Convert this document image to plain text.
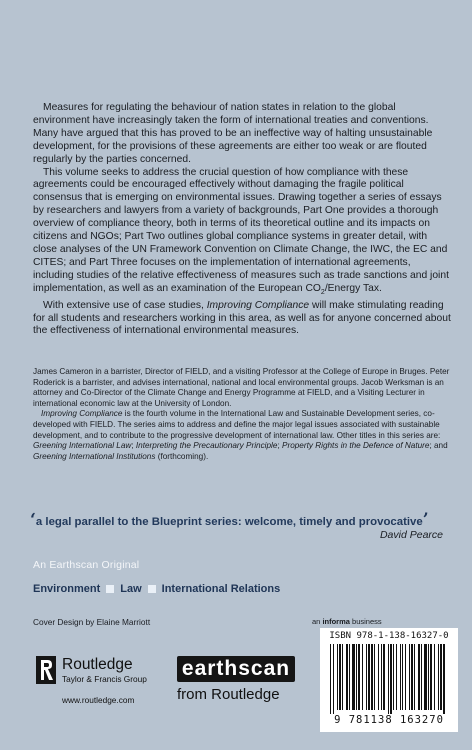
Measures for regulating the behaviour of nation states in relation to the global environment have increasingly taken the form of international treaties and conventions. Many have argued that this has proved to be an ineffective way of halting unsustainable development, for the provisions of these agreements are either too weak or are flouted regularly by the parties concerned.

This volume seeks to address the crucial question of how compliance with these agreements could be encouraged effectively without damaging the fragile political consensus that is emerging on environmental issues. Drawing together a series of essays by researchers and lawyers from a variety of backgrounds, Part One provides a thorough overview of compliance theory, both in terms of its theoretical outline and its impacts on citizens and NGOs; Part Two outlines global compliance systems in greater detail, with close analyses of the UN Framework Convention on Climate Change, the IWC, the EC and CITES; and Part Three focuses on the implementation of international agreements, including studies of the relative effectiveness of measures such as trade sanctions and joint implementation, as well as an examination of the European $CO_2$/Energy Tax.

With extensive use of case studies, Improving Compliance will make stimulating reading for all students and researchers working in this area, as well as for anyone concerned about the effectiveness of international environmental measures.

James Cameron in a barrister, Director of FIELD, and a visiting Professor at the College of Europe in Bruges. Peter Roderick is a barrister, and advises international, national and local environmental groups. Jacob Werksman is an attorney and Co-Director of the Climate Change and Energy Programme at FIELD, and a Visiting Lecturer in international economic law at the University of London.

Improving Compliance is the fourth volume in the International Law and Sustainable Development series, co-developed with FIELD. The series aims to address and define the major legal issues associated with sustainable development, and to contribute to the progressive development of international law. Other titles in this series are: Greening International Law; Interpreting the Precautionary Principle; Property Rights in the Defence of Nature; and Greening International Institutions (forthcoming).

‘a legal parallel to the Blueprint series: welcome, timely and provocative’
David Pearce
An Earthscan Original
Environment Law International Relations
Cover Design by Elaine Marriott	an informa business
ISBN 978-1-138-16327-0
9 781138 163270
Routledge
Taylor & Francis Group
www.routledge.com
earthscan
from Routledge
